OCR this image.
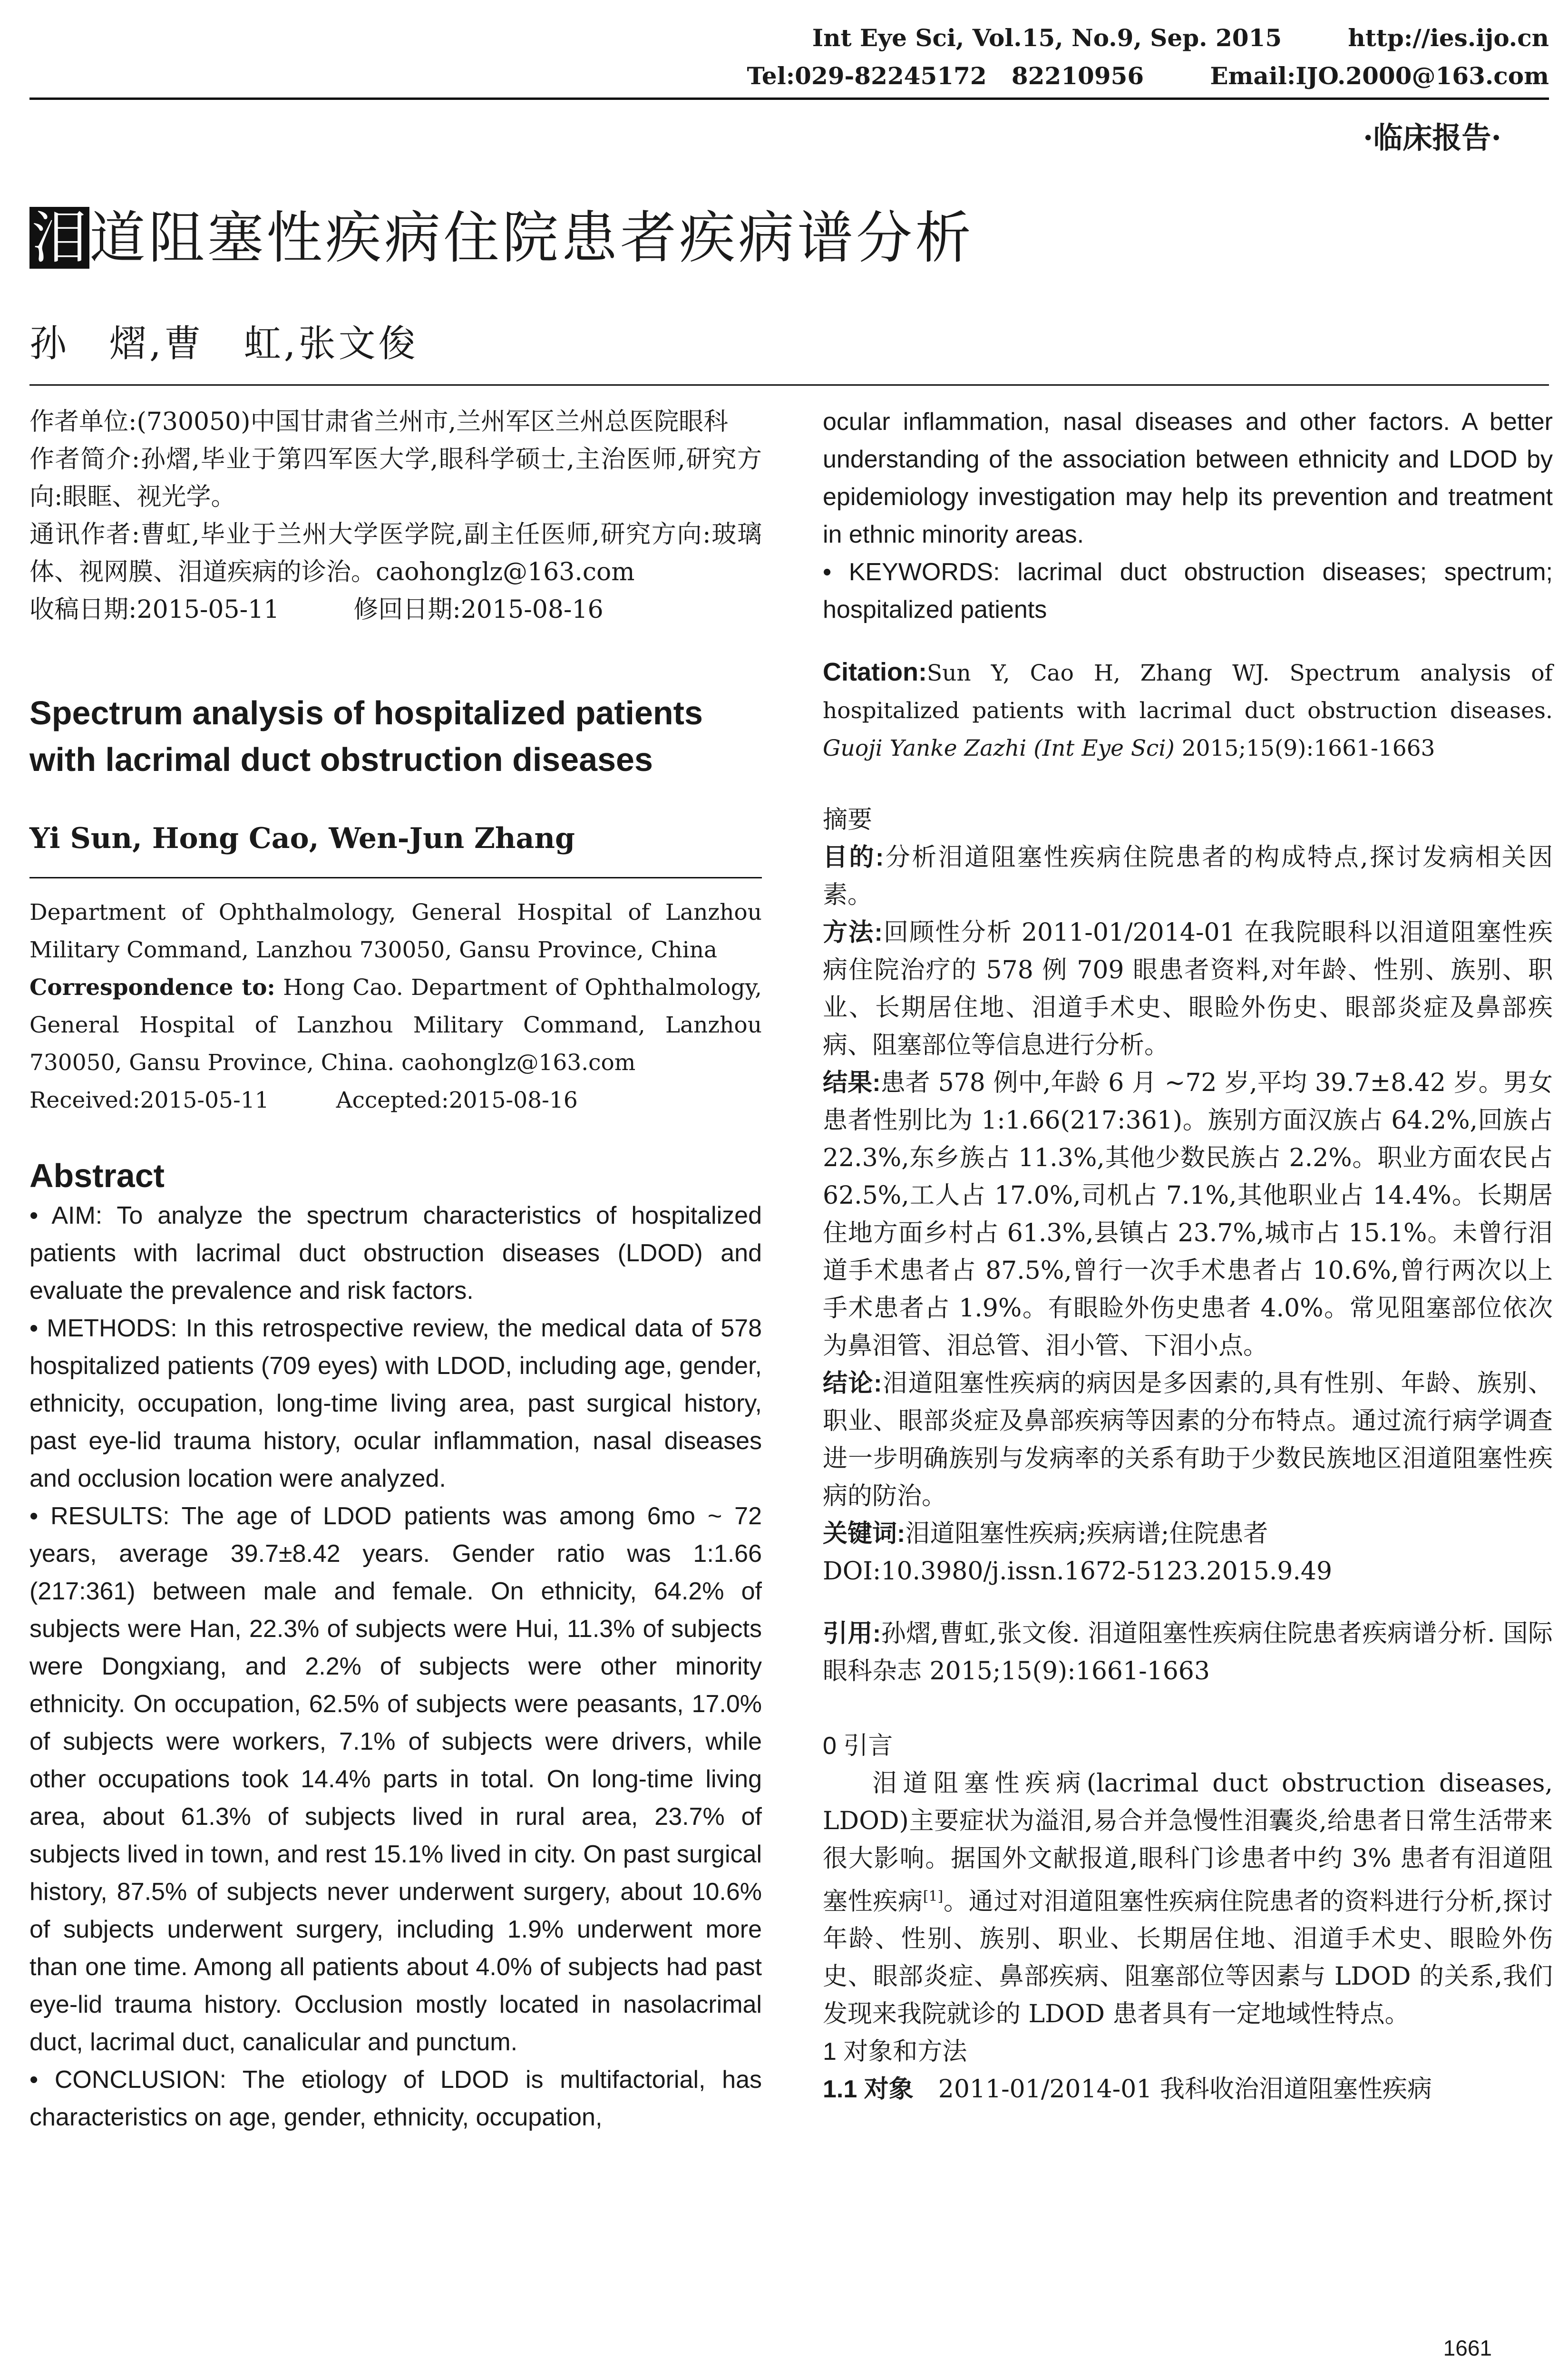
Int Eye Sci, Vol.15, No.9, Sep. 2015        http://ies.ijo.cn
Tel:029-82245172   82210956        Email:IJO.2000@163.com
·临床报告·
泪 道阻塞性疾病住院患者疾病谱分析
孙　熠,曹　虹,张文俊
作者单位:(730050)中国甘肃省兰州市,兰州军区兰州总医院眼科
作者简介:孙熠,毕业于第四军医大学,眼科学硕士,主治医师,研究方向:眼眶、视光学。
通讯作者:曹虹,毕业于兰州大学医学院,副主任医师,研究方向:玻璃体、视网膜、泪道疾病的诊治。caohonglz@163.com
收稿日期:2015-05-11　　　修回日期:2015-08-16
Spectrum analysis of hospitalized patients with lacrimal duct obstruction diseases
Yi Sun, Hong Cao, Wen-Jun Zhang
Department of Ophthalmology, General Hospital of Lanzhou Military Command, Lanzhou 730050, Gansu Province, China
Correspondence to: Hong Cao. Department of Ophthalmology, General Hospital of Lanzhou Military Command, Lanzhou 730050, Gansu Province, China. caohonglz@163.com
Received:2015-05-11　　　Accepted:2015-08-16
Abstract
• AIM: To analyze the spectrum characteristics of hospitalized patients with lacrimal duct obstruction diseases (LDOD) and evaluate the prevalence and risk factors.
• METHODS: In this retrospective review, the medical data of 578 hospitalized patients (709 eyes) with LDOD, including age, gender, ethnicity, occupation, long-time living area, past surgical history, past eye-lid trauma history, ocular inflammation, nasal diseases and occlusion location were analyzed.
• RESULTS: The age of LDOD patients was among 6mo ~ 72 years, average 39.7±8.42 years. Gender ratio was 1:1.66 (217:361) between male and female. On ethnicity, 64.2% of subjects were Han, 22.3% of subjects were Hui, 11.3% of subjects were Dongxiang, and 2.2% of subjects were other minority ethnicity. On occupation, 62.5% of subjects were peasants, 17.0% of subjects were workers, 7.1% of subjects were drivers, while other occupations took 14.4% parts in total. On long-time living area, about 61.3% of subjects lived in rural area, 23.7% of subjects lived in town, and rest 15.1% lived in city. On past surgical history, 87.5% of subjects never underwent surgery, about 10.6% of subjects underwent surgery, including 1.9% underwent more than one time. Among all patients about 4.0% of subjects had past eye-lid trauma history. Occlusion mostly located in nasolacrimal duct, lacrimal duct, canalicular and punctum.
• CONCLUSION: The etiology of LDOD is multifactorial, has characteristics on age, gender, ethnicity, occupation,
ocular inflammation, nasal diseases and other factors. A better understanding of the association between ethnicity and LDOD by epidemiology investigation may help its prevention and treatment in ethnic minority areas.
• KEYWORDS: lacrimal duct obstruction diseases; spectrum; hospitalized patients
Citation:Sun Y, Cao H, Zhang WJ. Spectrum analysis of hospitalized patients with lacrimal duct obstruction diseases. Guoji Yanke Zazhi (Int Eye Sci) 2015;15(9):1661-1663
摘要
目的:分析泪道阻塞性疾病住院患者的构成特点,探讨发病相关因素。
方法:回顾性分析 2011-01/2014-01 在我院眼科以泪道阻塞性疾病住院治疗的 578 例 709 眼患者资料,对年龄、性别、族别、职业、长期居住地、泪道手术史、眼睑外伤史、眼部炎症及鼻部疾病、阻塞部位等信息进行分析。
结果:患者 578 例中,年龄 6 月 ~72 岁,平均 39.7±8.42 岁。男女患者性别比为 1:1.66(217:361)。族别方面汉族占 64.2%,回族占 22.3%,东乡族占 11.3%,其他少数民族占 2.2%。职业方面农民占 62.5%,工人占 17.0%,司机占 7.1%,其他职业占 14.4%。长期居住地方面乡村占 61.3%,县镇占 23.7%,城市占 15.1%。未曾行泪道手术患者占 87.5%,曾行一次手术患者占 10.6%,曾行两次以上手术患者占 1.9%。有眼睑外伤史患者 4.0%。常见阻塞部位依次为鼻泪管、泪总管、泪小管、下泪小点。
结论:泪道阻塞性疾病的病因是多因素的,具有性别、年龄、族别、职业、眼部炎症及鼻部疾病等因素的分布特点。通过流行病学调查进一步明确族别与发病率的关系有助于少数民族地区泪道阻塞性疾病的防治。
关键词:泪道阻塞性疾病;疾病谱;住院患者
DOI:10.3980/j.issn.1672-5123.2015.9.49
引用:孙熠,曹虹,张文俊. 泪道阻塞性疾病住院患者疾病谱分析. 国际眼科杂志 2015;15(9):1661-1663
0 引言
泪道阻塞性疾病(lacrimal duct obstruction diseases, LDOD)主要症状为溢泪,易合并急慢性泪囊炎,给患者日常生活带来很大影响。据国外文献报道,眼科门诊患者中约 3% 患者有泪道阻塞性疾病[1]。通过对泪道阻塞性疾病住院患者的资料进行分析,探讨年龄、性别、族别、职业、长期居住地、泪道手术史、眼睑外伤史、眼部炎症、鼻部疾病、阻塞部位等因素与 LDOD 的关系,我们发现来我院就诊的 LDOD 患者具有一定地域性特点。
1 对象和方法
1.1 对象　2011-01/2014-01 我科收治泪道阻塞性疾病
1661
